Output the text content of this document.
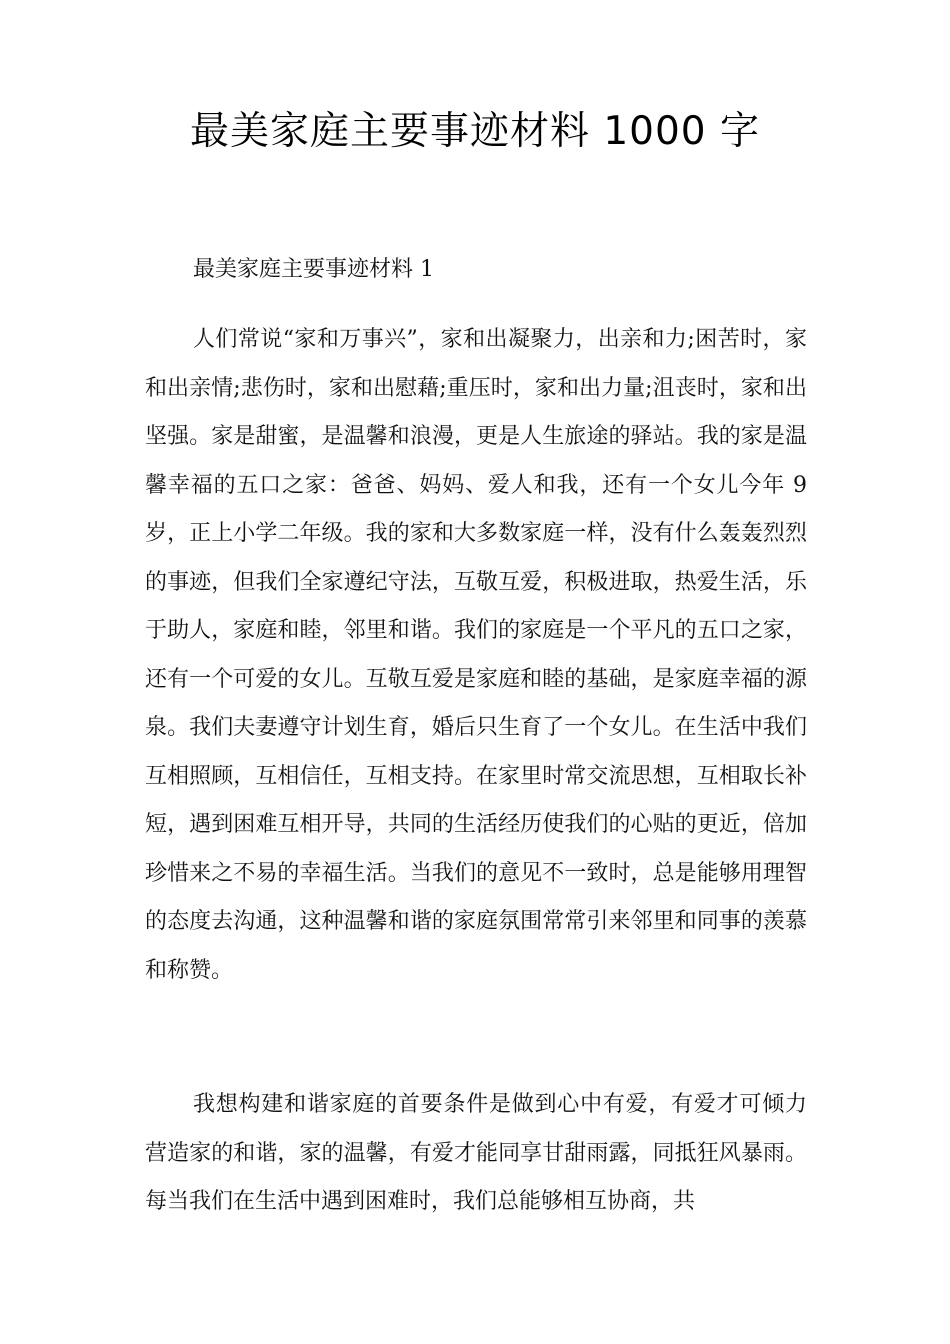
最美家庭主要事迹材料 1000 字

最美家庭主要事迹材料 1

人们常说“家和万事兴”，家和出凝聚力，出亲和力;困苦时，家和出亲情;悲伤时，家和出慰藉;重压时，家和出力量;沮丧时，家和出坚强。家是甜蜜，是温馨和浪漫，更是人生旅途的驿站。我的家是温馨幸福的五口之家：爸爸、妈妈、爱人和我，还有一个女儿今年 9 岁，正上小学二年级。我的家和大多数家庭一样，没有什么轰轰烈烈的事迹，但我们全家遵纪守法，互敬互爱，积极进取，热爱生活，乐于助人，家庭和睦，邻里和谐。我们的家庭是一个平凡的五口之家，还有一个可爱的女儿。互敬互爱是家庭和睦的基础，是家庭幸福的源泉。我们夫妻遵守计划生育，婚后只生育了一个女儿。在生活中我们互相照顾，互相信任，互相支持。在家里时常交流思想，互相取长补短，遇到困难互相开导，共同的生活经历使我们的心贴的更近，倍加珍惜来之不易的幸福生活。当我们的意见不一致时，总是能够用理智的态度去沟通，这种温馨和谐的家庭氛围常常引来邻里和同事的羡慕和称赞。

我想构建和谐家庭的首要条件是做到心中有爱，有爱才可倾力营造家的和谐，家的温馨，有爱才能同享甘甜雨露，同抵狂风暴雨。每当我们在生活中遇到困难时，我们总能够相互协商，共
